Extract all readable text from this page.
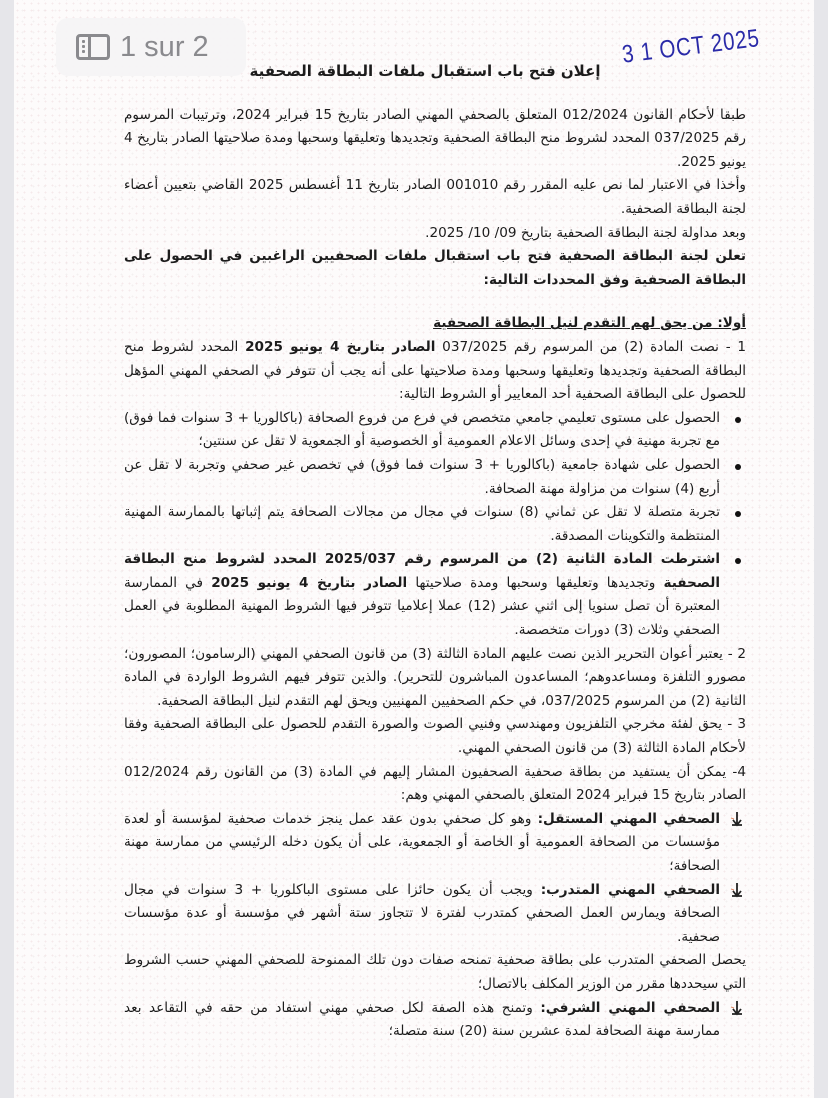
1 sur 2	3 1 OCT 2025
إعلان فتح باب استقبال ملفات البطاقة الصحفية

طبقا لأحكام القانون 012/2024 المتعلق بالصحفي المهني الصادر بتاريخ 15 فبراير 2024، وترتيبات المرسوم رقم 037/2025 المحدد لشروط منح البطاقة الصحفية وتجديدها وتعليقها وسحبها ومدة صلاحيتها الصادر بتاريخ 4 يونيو 2025.

وأخذا في الاعتبار لما نص عليه المقرر رقم 001010 الصادر بتاريخ 11 أغسطس 2025 القاضي بتعيين أعضاء لجنة البطاقة الصحفية.

وبعد مداولة لجنة البطاقة الصحفية بتاريخ 09/ 10/ 2025.

تعلن لجنة البطاقة الصحفية فتح باب استقبال ملفات الصحفيين الراغبين في الحصول على البطاقة الصحفية وفق المحددات التالية:

أولا: من يحق لهم التقدم لنيل البطاقة الصحفية

1 - نصت المادة (2) من المرسوم رقم 037/2025 الصادر بتاريخ 4 يونيو 2025 المحدد لشروط منح البطاقة الصحفية وتجديدها وتعليقها وسحبها ومدة صلاحيتها على أنه يجب أن تتوفر في الصحفي المهني المؤهل للحصول على البطاقة الصحفية أحد المعايير أو الشروط التالية:

الحصول على مستوى تعليمي جامعي متخصص في فرع من فروع الصحافة (باكالوريا + 3 سنوات فما فوق) مع تجربة مهنية في إحدى وسائل الاعلام العمومية أو الخصوصية أو الجمعوية لا تقل عن سنتين؛
الحصول على شهادة جامعية (باكالوريا + 3 سنوات فما فوق) في تخصص غير صحفي وتجربة لا تقل عن أربع (4) سنوات من مزاولة مهنة الصحافة.
تجربة متصلة لا تقل عن ثماني (8) سنوات في مجال من مجالات الصحافة يتم إثباتها بالممارسة المهنية المنتظمة والتكوينات المصدقة.
اشترطت المادة الثانية (2) من المرسوم رقم 2025/037 المحدد لشروط منح البطاقة الصحفية وتجديدها وتعليقها وسحبها ومدة صلاحيتها الصادر بتاريخ 4 يونيو 2025 في الممارسة المعتبرة أن تصل سنويا إلى اثني عشر (12) عملا إعلاميا تتوفر فيها الشروط المهنية المطلوبة في العمل الصحفي وثلاث (3) دورات متخصصة.

2 - يعتبر أعوان التحرير الذين نصت عليهم المادة الثالثة (3) من قانون الصحفي المهني (الرسامون؛ المصورون؛ مصورو التلفزة ومساعدوهم؛ المساعدون المباشرون للتحرير). والذين تتوفر فيهم الشروط الواردة في المادة الثانية (2) من المرسوم 037/2025، في حكم الصحفيين المهنيين ويحق لهم التقدم لنيل البطاقة الصحفية.

3 - يحق لفئة مخرجي التلفزيون ومهندسي وفنيي الصوت والصورة التقدم للحصول على البطاقة الصحفية وفقا لأحكام المادة الثالثة (3) من قانون الصحفي المهني.

4- يمكن أن يستفيد من بطاقة صحفية الصحفيون المشار إليهم في المادة (3) من القانون رقم 012/2024 الصادر بتاريخ 15 فبراير 2024 المتعلق بالصحفي المهني وهم:

الصحفي المهني المستقل: وهو كل صحفي بدون عقد عمل ينجز خدمات صحفية لمؤسسة أو لعدة مؤسسات من الصحافة العمومية أو الخاصة أو الجمعوية، على أن يكون دخله الرئيسي من ممارسة مهنة الصحافة؛
الصحفي المهني المتدرب: ويجب أن يكون حائزا على مستوى الباكلوريا + 3 سنوات في مجال الصحافة ويمارس العمل الصحفي كمتدرب لفترة لا تتجاوز ستة أشهر في مؤسسة أو عدة مؤسسات صحفية.

يحصل الصحفي المتدرب على بطاقة صحفية تمنحه صفات دون تلك الممنوحة للصحفي المهني حسب الشروط التي سيحددها مقرر من الوزير المكلف بالاتصال؛

الصحفي المهني الشرفي: وتمنح هذه الصفة لكل صحفي مهني استفاد من حقه في التقاعد بعد ممارسة مهنة الصحافة لمدة عشرين سنة (20) سنة متصلة؛
